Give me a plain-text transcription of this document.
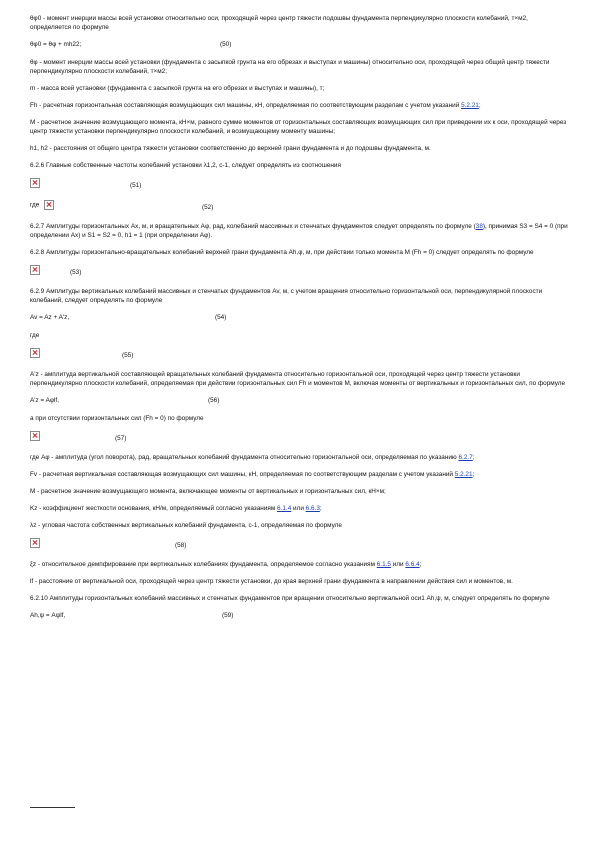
θφ0 - момент инерции массы всей установки относительно оси, проходящей через центр тяжести подошвы фундамента перпендикулярно плоскости колебаний, т×м2, определяется по формуле

θφ0 = θφ + mh22;	(50)

θφ - момент инерции массы всей установки (фундамента с засыпкой грунта на его обрезах и выступах и машины) относительно оси, проходящей через общий центр тяжести перпендикулярно плоскости колебаний, т×м2;

m - масса всей установки (фундамента с засыпкой грунта на его обрезах и выступах и машины), т;

Fh - расчетная горизонтальная составляющая возмущающих сил машины, кН, определяемая по соответствующим разделам с учетом указаний 5.2.21;

M - расчетное значение возмущающего момента, кН×м, равного сумме моментов от горизонтальных составляющих возмущающих сил при приведении их к оси, проходящей через центр тяжести установки перпендикулярно плоскости колебаний, и возмущающему моменту машины;

h1, h2 - расстояния от общего центра тяжести установки соответственно до верхней грани фундамента и до подошвы фундамента, м.

6.2.6 Главные собственные частоты колебаний установки λ1,2, с-1, следует определять из соотношения

(51)
где	(52)

6.2.7 Амплитуды горизонтальных Ax, м, и вращательных Aφ, рад, колебаний массивных и стенчатых фундаментов следует определять по формуле (38), принимая S3 = S4 = 0 (при определении Ax) и S1 = S2 = 0, h1 = 1 (при определении Aφ).

6.2.8 Амплитуды горизонтально-вращательных колебаний верхней грани фундамента Ah,φ, м, при действии только момента M (Fh = 0) следует определять по формуле

(53)

6.2.9 Амплитуды вертикальных колебаний массивных и стенчатых фундаментов Av, м, с учетом вращения относительно горизонтальной оси, перпендикулярной плоскости колебаний, следует определять по формуле

Av = Az + A'z,	(54)

где

(55)

A'z - амплитуда вертикальной составляющей вращательных колебаний фундамента относительно горизонтальной оси, проходящей через центр тяжести установки перпендикулярно плоскости колебаний, определяемая при действии горизонтальных сил Fh и моментов M, включая моменты от вертикальных и горизонтальных сил, по формуле

A'z = Aφlf,	(56)

а при отсутствии горизонтальных сил (Fh = 0) по формуле

(57)

где Aφ - амплитуда (угол поворота), рад, вращательных колебаний фундамента относительно горизонтальной оси, определяемая по указанию 6.2.7;

Fv - расчетная вертикальная составляющая возмущающих сил машины, кН, определяемая по соответствующим разделам с учетом указаний 5.2.21;

M - расчетное значение возмущающего момента, включающее моменты от вертикальных и горизонтальных сил, кН×м;

Kz - коэффициент жесткости основания, кН/м, определяемый согласно указаниям 6.1.4 или 6.6.3;

λz - угловая частота собственных вертикальных колебаний фундамента, с-1, определяемая по формуле

(58)

ξz - относительное демпфирование при вертикальных колебаниях фундамента, определяемое согласно указаниям 6.1.5 или 6.6.4;

lf - расстояние от вертикальной оси, проходящей через центр тяжести установки, до края верхней грани фундамента в направлении действия сил и моментов, м.

6.2.10 Амплитуды горизонтальных колебаний массивных и стенчатых фундаментов при вращении относительно вертикальной оси1 Ah,ψ, м, следует определять по формуле

Ah,ψ = Aψlf,	(59)
